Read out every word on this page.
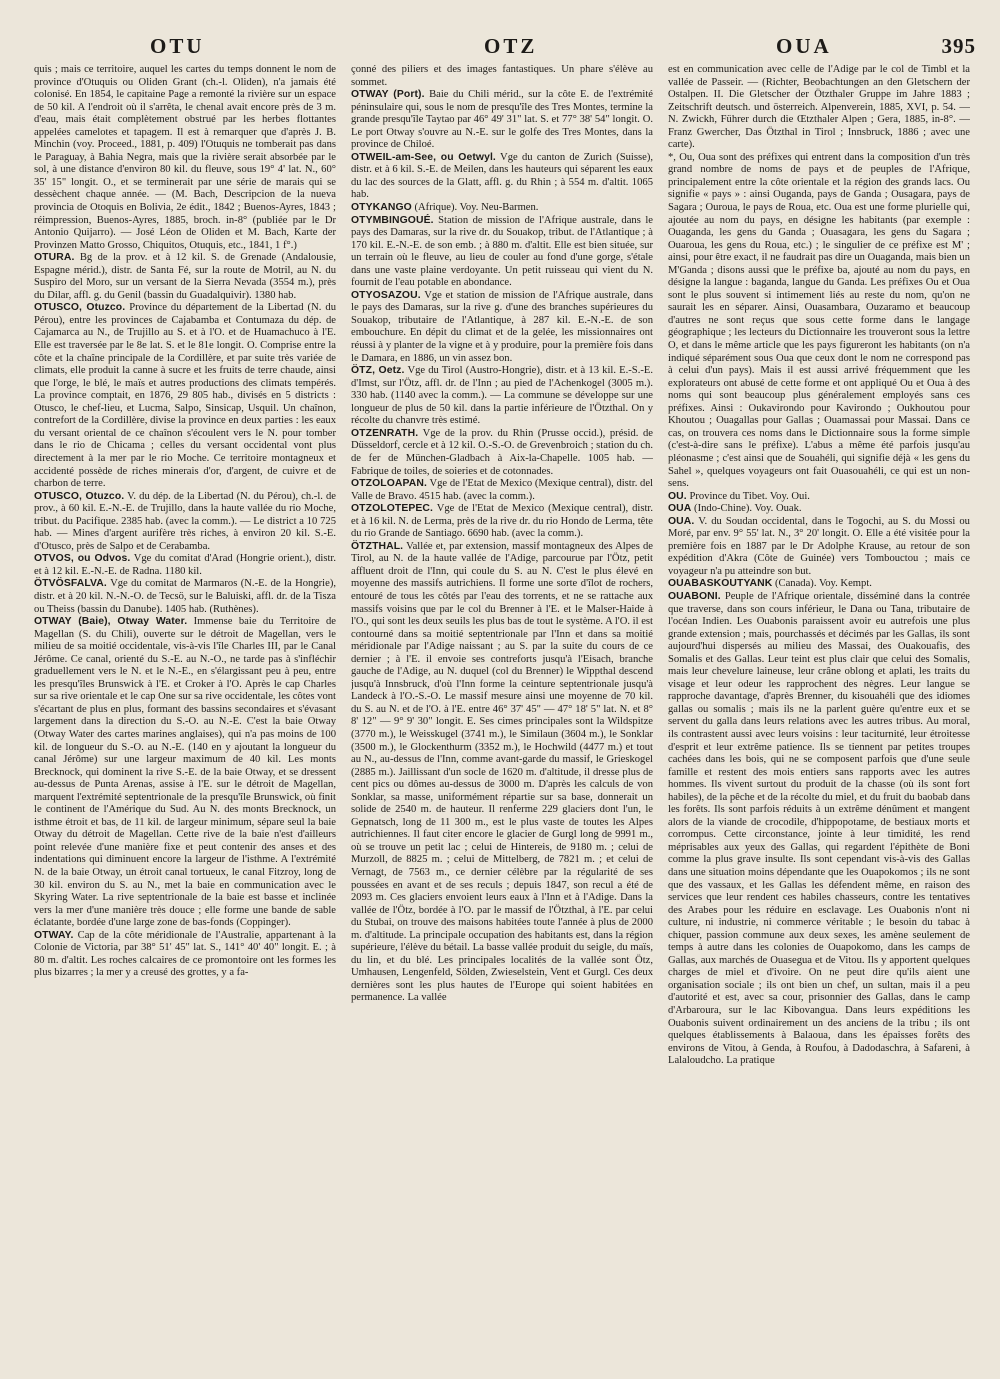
OTU	OTZ	OUA	395

quis ; mais ce territoire, auquel les cartes du temps donnent le nom de province d'Otuquis ou Oliden Grant (ch.-l. Oliden), n'a jamais été colonisé. En 1854, le capitaine Page a remonté la rivière sur un espace de 50 kil. A l'endroit où il s'arrêta, le chenal avait encore près de 3 m. d'eau, mais était complètement obstrué par les herbes flottantes appelées camelotes et tapagem. Il est à remarquer que d'après J. B. Minchin (voy. Proceed., 1881, p. 409) l'Otuquis ne tomberait pas dans le Paraguay, à Bahia Negra, mais que la rivière serait absorbée par le sol, à une distance d'environ 80 kil. du fleuve, sous 19° 4' lat. N., 60° 35' 15" longit. O., et se terminerait par une série de marais qui se dessèchent chaque année. — (M. Bach, Descripcion de la nueva provincia de Otoquis en Bolivia, 2e édit., 1842 ; Buenos-Ayres, 1843 ; réimpression, Buenos-Ayres, 1885, broch. in-8° (publiée par le Dr Antonio Quijarro). — José Léon de Oliden et M. Bach, Karte der Provinzen Matto Grosso, Chiquitos, Otuquis, etc., 1841, 1 f°.)

OTURA. Bg de la prov. et à 12 kil. S. de Grenade (Andalousie, Espagne mérid.), distr. de Santa Fé, sur la route de Motril, au N. du Suspiro del Moro, sur un versant de la Sierra Nevada (3554 m.), près du Dilar, affl. g. du Genil (bassin du Guadalquivir). 1380 hab.

OTUSCO, Otuzco. Province du département de la Libertad (N. du Pérou), entre les provinces de Cajabamba et Contumaza du dép. de Cajamarca au N., de Trujillo au S. et à l'O. et de Huamachuco à l'E. Elle est traversée par le 8e lat. S. et le 81e longit. O. Comprise entre la côte et la chaîne principale de la Cordillère, et par suite très variée de climats, elle produit la canne à sucre et les fruits de terre chaude, ainsi que l'orge, le blé, le maïs et autres productions des climats tempérés. La province comptait, en 1876, 29 805 hab., divisés en 5 districts : Otusco, le chef-lieu, et Lucma, Salpo, Sinsicap, Usquil. Un chaînon, contrefort de la Cordillère, divise la province en deux parties : les eaux du versant oriental de ce chaînon s'écoulent vers le N. pour tomber dans le rio de Chicama ; celles du versant occidental vont plus directement à la mer par le rio Moche. Ce territoire montagneux et accidenté possède de riches minerais d'or, d'argent, de cuivre et de charbon de terre.

OTUSCO, Otuzco. V. du dép. de la Libertad (N. du Pérou), ch.-l. de prov., à 60 kil. E.-N.-E. de Trujillo, dans la haute vallée du rio Moche, tribut. du Pacifique. 2385 hab. (avec la comm.). — Le district a 10 725 hab. — Mines d'argent aurifère très riches, à environ 20 kil. S.-E. d'Otusco, près de Salpo et de Cerabamba.

OTVOS, ou Odvos. Vge du comitat d'Arad (Hongrie orient.), distr. et à 12 kil. E.-N.-E. de Radna. 1180 kil.

ÖTVÖSFALVA. Vge du comitat de Marmaros (N.-E. de la Hongrie), distr. et à 20 kil. N.-N.-O. de Tecsö, sur le Baluiski, affl. dr. de la Tisza ou Theiss (bassin du Danube). 1405 hab. (Ruthènes).

OTWAY (Baie), Otway Water. Immense baie du Territoire de Magellan (S. du Chili), ouverte sur le détroit de Magellan, vers le milieu de sa moitié occidentale, vis-à-vis l'île Charles III, par le Canal Jérôme. Ce canal, orienté du S.-E. au N.-O., ne tarde pas à s'infléchir graduellement vers le N. et le N.-E., en s'élargissant peu à peu, entre les presqu'îles Brunswick à l'E. et Croker à l'O. Après le cap Charles sur sa rive orientale et le cap One sur sa rive occidentale, les côtes vont s'écartant de plus en plus, formant des bassins secondaires et s'évasant largement dans la direction du S.-O. au N.-E. C'est la baie Otway (Otway Water des cartes marines anglaises), qui n'a pas moins de 100 kil. de longueur du S.-O. au N.-E. (140 en y ajoutant la longueur du canal Jérôme) sur une largeur maximum de 40 kil. Les monts Brecknock, qui dominent la rive S.-E. de la baie Otway, et se dressent au-dessus de Punta Arenas, assise à l'E. sur le détroit de Magellan, marquent l'extrémité septentrionale de la presqu'île Brunswick, où finit le continent de l'Amérique du Sud. Au N. des monts Brecknock, un isthme étroit et bas, de 11 kil. de largeur minimum, sépare seul la baie Otway du détroit de Magellan. Cette rive de la baie n'est d'ailleurs point relevée d'une manière fixe et peut contenir des anses et des indentations qui diminuent encore la largeur de l'isthme. A l'extrémité N. de la baie Otway, un étroit canal tortueux, le canal Fitzroy, long de 30 kil. environ du S. au N., met la baie en communication avec le Skyring Water. La rive septentrionale de la baie est basse et inclinée vers la mer d'une manière très douce ; elle forme une bande de sable éclatante, bordée d'une large zone de bas-fonds (Coppinger).

OTWAY. Cap de la côte méridionale de l'Australie, appartenant à la Colonie de Victoria, par 38° 51' 45" lat. S., 141° 40' 40" longit. E. ; à 80 m. d'altit. Les roches calcaires de ce promontoire ont les formes les plus bizarres ; la mer y a creusé des grottes, y a fa-

çonné des piliers et des images fantastiques. Un phare s'élève au sommet.

OTWAY (Port). Baie du Chili mérid., sur la côte E. de l'extrémité péninsulaire qui, sous le nom de presqu'île des Tres Montes, termine la grande presqu'île Taytao par 46° 49' 31" lat. S. et 77° 38' 54" longit. O. Le port Otway s'ouvre au N.-E. sur le golfe des Tres Montes, dans la province de Chiloé.

OTWEIL-am-See, ou Oetwyl. Vge du canton de Zurich (Suisse), distr. et à 6 kil. S.-E. de Meilen, dans les hauteurs qui séparent les eaux du lac des sources de la Glatt, affl. g. du Rhin ; à 554 m. d'altit. 1065 hab.

OTYKANGO (Afrique). Voy. Neu-Barmen.

OTYMBINGOUÉ. Station de mission de l'Afrique australe, dans le pays des Damaras, sur la rive dr. du Souakop, tribut. de l'Atlantique ; à 170 kil. E.-N.-E. de son emb. ; à 880 m. d'altit. Elle est bien située, sur un terrain où le fleuve, au lieu de couler au fond d'une gorge, s'étale dans une vaste plaine verdoyante. Un petit ruisseau qui vient du N. fournit de l'eau potable en abondance.

OTYOSAZOU. Vge et station de mission de l'Afrique australe, dans le pays des Damaras, sur la rive g. d'une des branches supérieures du Souakop, tributaire de l'Atlantique, à 287 kil. E.-N.-E. de son embouchure. En dépit du climat et de la gelée, les missionnaires ont réussi à y planter de la vigne et à y produire, pour la première fois dans le Damara, en 1886, un vin assez bon.

ÖTZ, Oetz. Vge du Tirol (Austro-Hongrie), distr. et à 13 kil. E.-S.-E. d'Imst, sur l'Ötz, affl. dr. de l'Inn ; au pied de l'Achenkogel (3005 m.). 330 hab. (1140 avec la comm.). — La commune se développe sur une longueur de plus de 50 kil. dans la partie inférieure de l'Ötzthal. On y récolte du chanvre très estimé.

OTZENRATH. Vge de la prov. du Rhin (Prusse occid.), présid. de Düsseldorf, cercle et à 12 kil. O.-S.-O. de Grevenbroich ; station du ch. de fer de München-Gladbach à Aix-la-Chapelle. 1005 hab. — Fabrique de toiles, de soieries et de cotonnades.

OTZOLOAPAN. Vge de l'Etat de Mexico (Mexique central), distr. del Valle de Bravo. 4515 hab. (avec la comm.).

OTZOLOTEPEC. Vge de l'Etat de Mexico (Mexique central), distr. et à 16 kil. N. de Lerma, près de la rive dr. du rio Hondo de Lerma, tête du rio Grande de Santiago. 6690 hab. (avec la comm.).

ÖTZTHAL. Vallée et, par extension, massif montagneux des Alpes de Tirol, au N. de la haute vallée de l'Adige, parcourue par l'Ötz, petit affluent droit de l'Inn, qui coule du S. au N. C'est le plus élevé en moyenne des massifs autrichiens. Il forme une sorte d'îlot de rochers, entouré de tous les côtés par l'eau des torrents, et ne se rattache aux massifs voisins que par le col du Brenner à l'E. et le Malser-Haide à l'O., qui sont les deux seuils les plus bas de tout le système. A l'O. il est contourné dans sa moitié septentrionale par l'Inn et dans sa moitié méridionale par l'Adige naissant ; au S. par la suite du cours de ce dernier ; à l'E. il envoie ses contreforts jusqu'à l'Eisach, branche gauche de l'Adige, au N. duquel (col du Brenner) le Wippthal descend jusqu'à Innsbruck, d'où l'Inn forme la ceinture septentrionale jusqu'à Landeck à l'O.-S.-O. Le massif mesure ainsi une moyenne de 70 kil. du S. au N. et de l'O. à l'E. entre 46° 37' 45" — 47° 18' 5" lat. N. et 8° 8' 12" — 9° 9' 30" longit. E. Ses cimes principales sont la Wildspitze (3770 m.), le Weisskugel (3741 m.), le Similaun (3604 m.), le Sonklar (3500 m.), le Glockenthurm (3352 m.), le Hochwild (4477 m.) et tout au N., au-dessus de l'Inn, comme avant-garde du massif, le Grieskogel (2885 m.). Jaillissant d'un socle de 1620 m. d'altitude, il dresse plus de cent pics ou dômes au-dessus de 3000 m. D'après les calculs de von Sonklar, sa masse, uniformément répartie sur sa base, donnerait un solide de 2540 m. de hauteur. Il renferme 229 glaciers dont l'un, le Gepnatsch, long de 11 300 m., est le plus vaste de toutes les Alpes autrichiennes. Il faut citer encore le glacier de Gurgl long de 9991 m., où se trouve un petit lac ; celui de Hintereis, de 9180 m. ; celui de Murzoll, de 8825 m. ; celui de Mittelberg, de 7821 m. ; et celui de Vernagt, de 7563 m., ce dernier célèbre par la régularité de ses poussées en avant et de ses reculs ; depuis 1847, son recul a été de 2093 m. Ces glaciers envoient leurs eaux à l'Inn et à l'Adige. Dans la vallée de l'Ötz, bordée à l'O. par le massif de l'Ötzthal, à l'E. par celui du Stubai, on trouve des maisons habitées toute l'année à plus de 2000 m. d'altitude. La principale occupation des habitants est, dans la région supérieure, l'élève du bétail. La basse vallée produit du seigle, du maïs, du lin, et du blé. Les principales localités de la vallée sont Ötz, Umhausen, Lengenfeld, Sölden, Zwieselstein, Vent et Gurgl. Ces deux dernières sont les plus hautes de l'Europe qui soient habitées en permanence. La vallée

est en communication avec celle de l'Adige par le col de Timbl et la vallée de Passeir. — (Richter, Beobachtungen an den Gletschern der Ostalpen. II. Die Gletscher der Ötzthaler Gruppe im Jahre 1883 ; Zeitschrift deutsch. und österreich. Alpenverein, 1885, XVI, p. 54. — N. Zwickh, Führer durch die Œtzthaler Alpen ; Gera, 1885, in-8°. — Franz Gwercher, Das Ötzthal in Tirol ; Innsbruck, 1886 ; avec une carte).

*, Ou, Oua sont des préfixes qui entrent dans la composition d'un très grand nombre de noms de pays et de peuples de l'Afrique, principalement entre la côte orientale et la région des grands lacs. Ou signifie « pays » : ainsi Ouganda, pays de Ganda ; Ousagara, pays de Sagara ; Ouroua, le pays de Roua, etc. Oua est une forme plurielle qui, ajoutée au nom du pays, en désigne les habitants (par exemple : Ouaganda, les gens du Ganda ; Ouasagara, les gens du Sagara ; Ouaroua, les gens du Roua, etc.) ; le singulier de ce préfixe est M' ; ainsi, pour être exact, il ne faudrait pas dire un Ouaganda, mais bien un M'Ganda ; disons aussi que le préfixe ba, ajouté au nom du pays, en désigne la langue : baganda, langue du Ganda. Les préfixes Ou et Oua sont le plus souvent si intimement liés au reste du nom, qu'on ne saurait les en séparer. Ainsi, Ouasambara, Ouzaramo et beaucoup d'autres ne sont reçus que sous cette forme dans le langage géographique ; les lecteurs du Dictionnaire les trouveront sous la lettre O, et dans le même article que les pays figureront les habitants (on n'a indiqué séparément sous Oua que ceux dont le nom ne correspond pas à celui d'un pays). Mais il est aussi arrivé fréquemment que les explorateurs ont abusé de cette forme et ont appliqué Ou et Oua à des noms qui sont beaucoup plus généralement employés sans ces préfixes. Ainsi : Oukavirondo pour Kavirondo ; Oukhoutou pour Khoutou ; Ouagallas pour Gallas ; Ouamassai pour Massai. Dans ce cas, on trouvera ces noms dans le Dictionnaire sous la forme simple (c'est-à-dire sans le préfixe). L'abus a même été parfois jusqu'au pléonasme ; c'est ainsi que de Souahéli, qui signifie déjà « les gens du Sahel », quelques voyageurs ont fait Ouasouahéli, ce qui est un non-sens.

OU. Province du Tibet. Voy. Oui.

OUA (Indo-Chine). Voy. Ouak.

OUA. V. du Soudan occidental, dans le Togochi, au S. du Mossi ou Moré, par env. 9° 55' lat. N., 3° 20' longit. O. Elle a été visitée pour la première fois en 1887 par le Dr Adolphe Krause, au retour de son expédition d'Akra (Côte de Guinée) vers Tombouctou ; mais ce voyageur n'a pu atteindre son but.

OUABASKOUTYANK (Canada). Voy. Kempt.

OUABONI. Peuple de l'Afrique orientale, disséminé dans la contrée que traverse, dans son cours inférieur, le Dana ou Tana, tributaire de l'océan Indien. Les Ouabonis paraissent avoir eu autrefois une plus grande extension ; mais, pourchassés et décimés par les Gallas, ils sont aujourd'hui dispersés au milieu des Massai, des Ouakouafis, des Somalis et des Gallas. Leur teint est plus clair que celui des Somalis, mais leur chevelure laineuse, leur crâne oblong et aplati, les traits du visage et leur odeur les rapprochent des nègres. Leur langue se rapproche davantage, d'après Brenner, du kisouahéli que des idiomes gallas ou somalis ; mais ils ne la parlent guère qu'entre eux et se servent du galla dans leurs relations avec les autres tribus. Au moral, ils contrastent aussi avec leurs voisins : leur taciturnité, leur étroitesse d'esprit et leur extrême patience. Ils se tiennent par petites troupes cachées dans les bois, qui ne se composent parfois que d'une seule famille et restent des mois entiers sans rapports avec les autres hommes. Ils vivent surtout du produit de la chasse (où ils sont fort habiles), de la pêche et de la récolte du miel, et du fruit du baobab dans les forêts. Ils sont parfois réduits à un extrême dénûment et mangent alors de la viande de crocodile, d'hippopotame, de bestiaux morts et corrompus. Cette circonstance, jointe à leur timidité, les rend méprisables aux yeux des Gallas, qui regardent l'épithète de Boni comme la plus grave insulte. Ils sont cependant vis-à-vis des Gallas dans une situation moins dépendante que les Ouapokomos ; ils ne sont que des vassaux, et les Gallas les défendent même, en raison des services que leur rendent ces habiles chasseurs, contre les tentatives des Arabes pour les réduire en esclavage. Les Ouabonis n'ont ni culture, ni industrie, ni commerce véritable ; le besoin du tabac à chiquer, passion commune aux deux sexes, les amène seulement de temps à autre dans les colonies de Ouapokomo, dans les camps de Gallas, aux marchés de Ouasegua et de Vitou. Ils y apportent quelques charges de miel et d'ivoire. On ne peut dire qu'ils aient une organisation sociale ; ils ont bien un chef, un sultan, mais il a peu d'autorité et est, avec sa cour, prisonnier des Gallas, dans le camp d'Arbaroura, sur le lac Kibovangua. Dans leurs expéditions les Ouabonis suivent ordinairement un des anciens de la tribu ; ils ont quelques établissements à Balaoua, dans les épaisses forêts des environs de Vitou, à Genda, à Roufou, à Dadodaschra, à Safareni, à Lalaloudcho. La pratique
